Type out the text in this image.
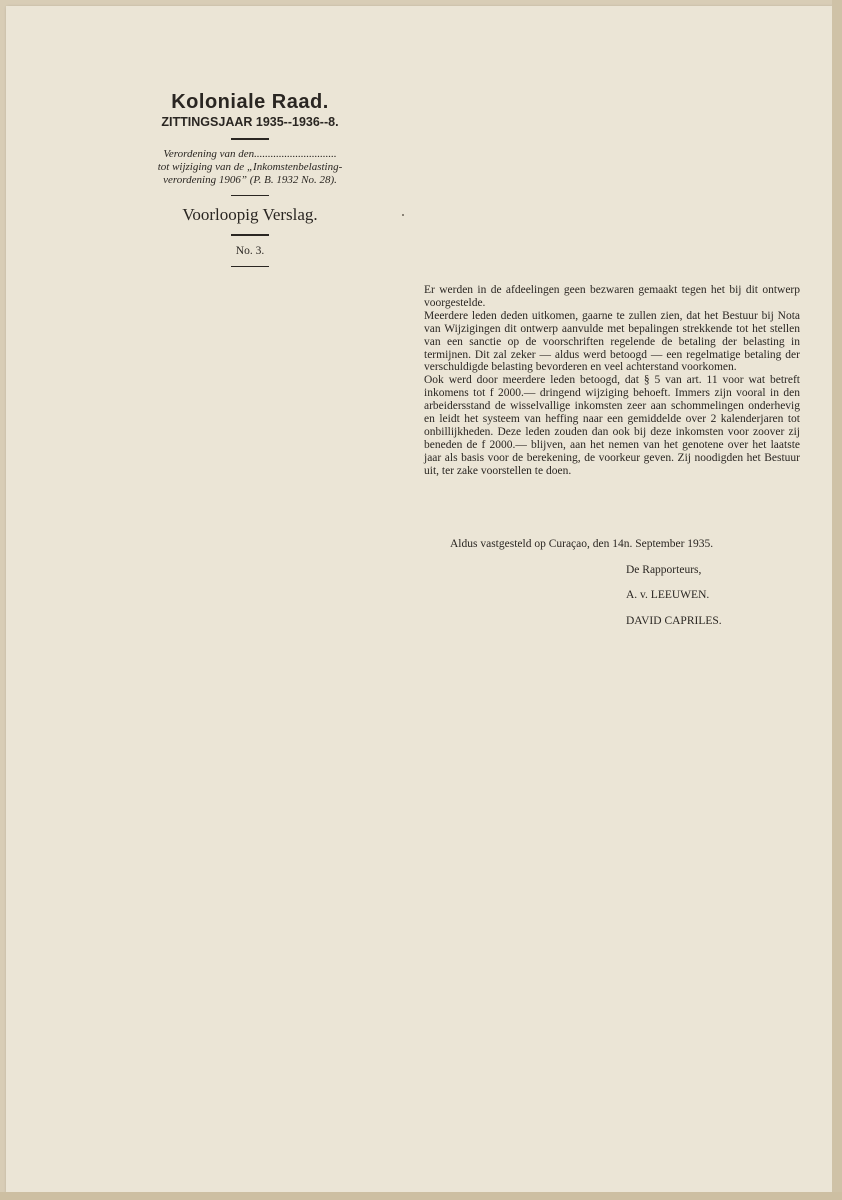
Koloniale Raad.

ZITTINGSJAAR 1935--1936--8.

Verordening van den..............................

tot wijziging van de „Inkomstenbelasting-

verordening 1906” (P. B. 1932 No. 28).

Voorloopig Verslag.

No. 3.

Er werden in de afdeelingen geen bezwaren gemaakt tegen het bij dit ontwerp voorgestelde.

Meerdere leden deden uitkomen, gaarne te zullen zien, dat het Bestuur bij Nota van Wijzigingen dit ontwerp aanvulde met bepalingen strekkende tot het stellen van een sanctie op de voorschriften regelende de betaling der belasting in termijnen. Dit zal zeker — aldus werd betoogd — een regelmatige betaling der verschuldigde belasting bevorderen en veel achterstand voorkomen.

Ook werd door meerdere leden betoogd, dat § 5 van art. 11 voor wat betreft inkomens tot f 2000.— dringend wijziging behoeft. Immers zijn vooral in den arbeidersstand de wisselvallige inkomsten zeer aan schommelingen onderhevig en leidt het systeem van heffing naar een gemiddelde over 2 kalenderjaren tot onbillijkheden. Deze leden zouden dan ook bij deze inkomsten voor zoover zij beneden de f 2000.— blijven, aan het nemen van het genotene over het laatste jaar als basis voor de berekening, de voorkeur geven. Zij noodigden het Bestuur uit, ter zake voorstellen te doen.

Aldus vastgesteld op Curaçao, den 14n. September 1935.
De Rapporteurs,
A. v. LEEUWEN.
DAVID CAPRILES.
